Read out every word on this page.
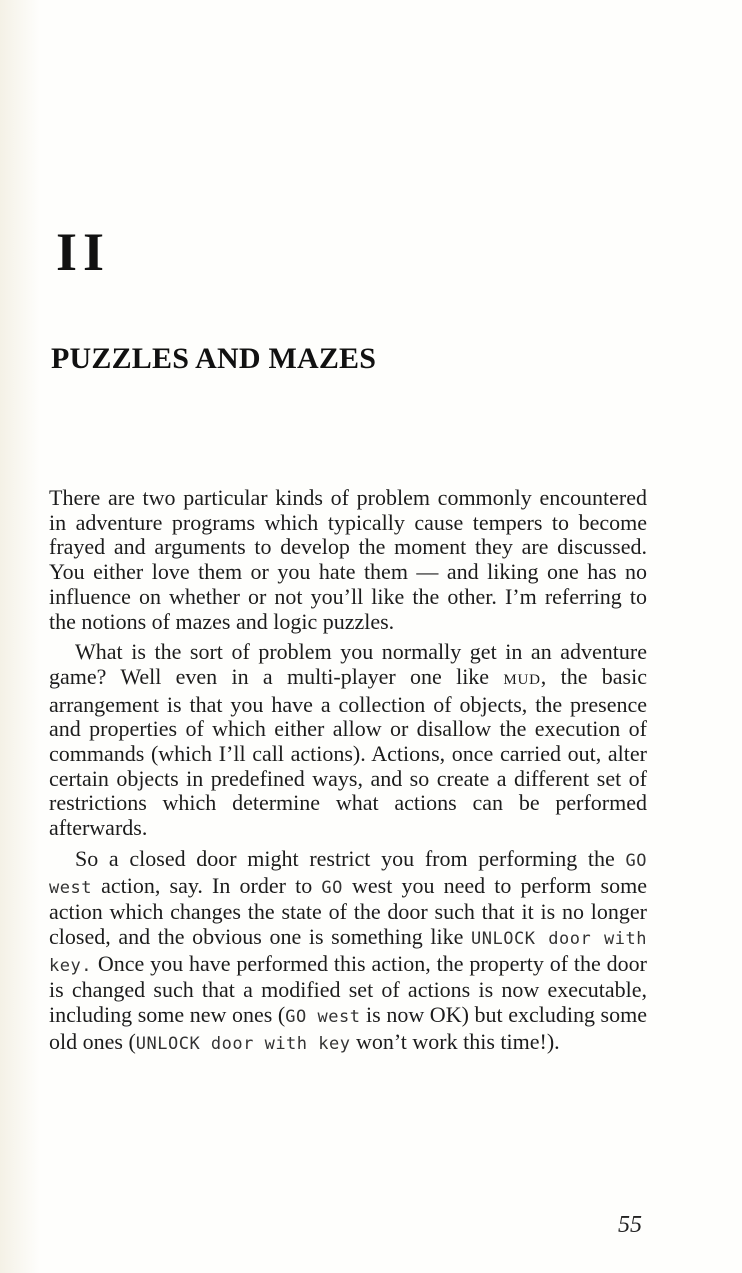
II
PUZZLES AND MAZES

There are two particular kinds of problem commonly encountered in adventure programs which typically cause tempers to become frayed and arguments to develop the moment they are discussed. You either love them or you hate them — and liking one has no influence on whether or not you’ll like the other. I’m referring to the notions of mazes and logic puzzles.

What is the sort of problem you normally get in an adventure game? Well even in a multi-player one like MUD, the basic arrangement is that you have a collection of objects, the presence and properties of which either allow or disallow the execution of commands (which I’ll call actions). Actions, once carried out, alter certain objects in predefined ways, and so create a different set of restrictions which determine what actions can be performed afterwards.

So a closed door might restrict you from performing the GO west action, say. In order to GO west you need to perform some action which changes the state of the door such that it is no longer closed, and the obvious one is something like UNLOCK door with key. Once you have performed this action, the property of the door is changed such that a modified set of actions is now executable, including some new ones (GO west is now OK) but excluding some old ones (UNLOCK door with key won’t work this time!).

55
